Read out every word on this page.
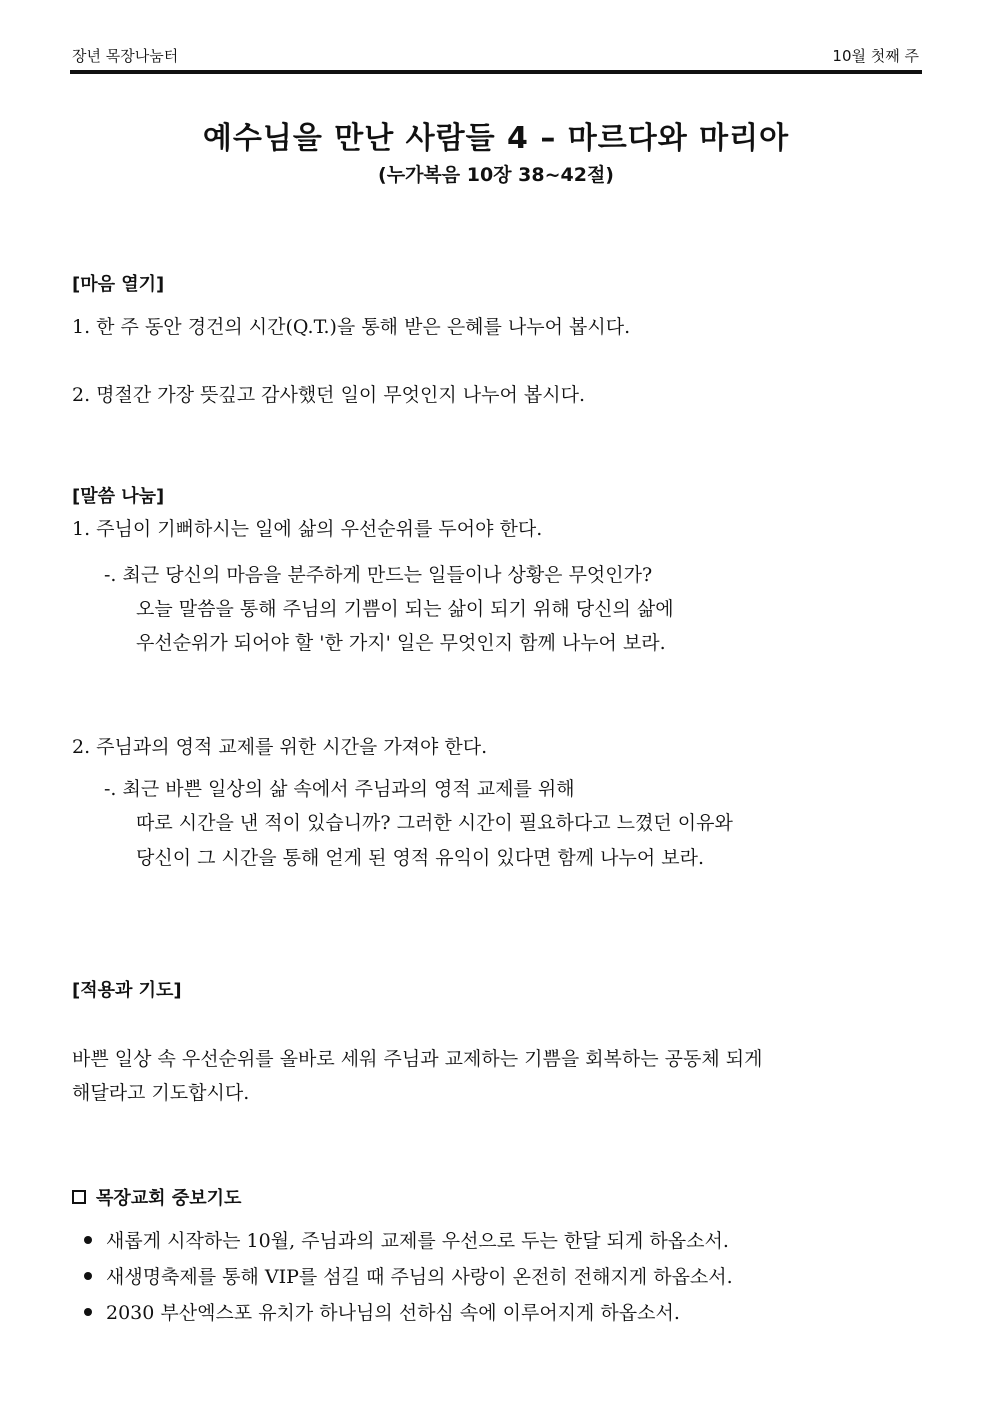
장년 목장나눔터	10월 첫째 주
예수님을 만난 사람들 4 – 마르다와 마리아
(누가복음 10장 38~42절)
[마음 열기]
1. 한 주 동안 경건의 시간(Q.T.)을 통해 받은 은혜를 나누어 봅시다.
2. 명절간 가장 뜻깊고 감사했던 일이 무엇인지 나누어 봅시다.
[말씀 나눔]
1. 주님이 기뻐하시는 일에 삶의 우선순위를 두어야 한다.
-. 최근 당신의 마음을 분주하게 만드는 일들이나 상황은 무엇인가?
오늘 말씀을 통해 주님의 기쁨이 되는 삶이 되기 위해 당신의 삶에
우선순위가 되어야 할 '한 가지' 일은 무엇인지 함께 나누어 보라.
2. 주님과의 영적 교제를 위한 시간을 가져야 한다.
-. 최근 바쁜 일상의 삶 속에서 주님과의 영적 교제를 위해
따로 시간을 낸 적이 있습니까? 그러한 시간이 필요하다고 느꼈던 이유와
당신이 그 시간을 통해 얻게 된 영적 유익이 있다면 함께 나누어 보라.
[적용과 기도]
바쁜 일상 속 우선순위를 올바로 세워 주님과 교제하는 기쁨을 회복하는 공동체 되게
해달라고 기도합시다.
목장교회 중보기도
새롭게 시작하는 10월, 주님과의 교제를 우선으로 두는 한달 되게 하옵소서.
새생명축제를 통해 VIP를 섬길 때 주님의 사랑이 온전히 전해지게 하옵소서.
2030 부산엑스포 유치가 하나님의 선하심 속에 이루어지게 하옵소서.
